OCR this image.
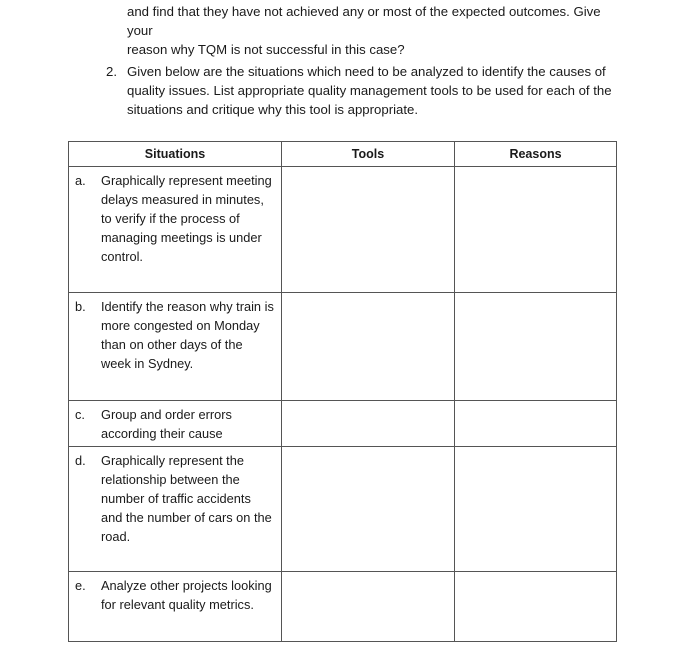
and find that they have not achieved any or most of the expected outcomes. Give your
reason why TQM is not successful in this case?
2. Given below are the situations which need to be analyzed to identify the causes of quality issues. List appropriate quality management tools to be used for each of the situations and critique why this tool is appropriate.
Situations	Tools	Reasons

a. Graphically represent meeting delays measured in minutes, to verify if the process of managing meetings is under control.		

b. Identify the reason why train is more congested on Monday than on other days of the week in Sydney.		

c. Group and order errors according their cause		

d. Graphically represent the relationship between the number of traffic accidents and the number of cars on the road.		

e. Analyze other projects looking for relevant quality metrics.		
